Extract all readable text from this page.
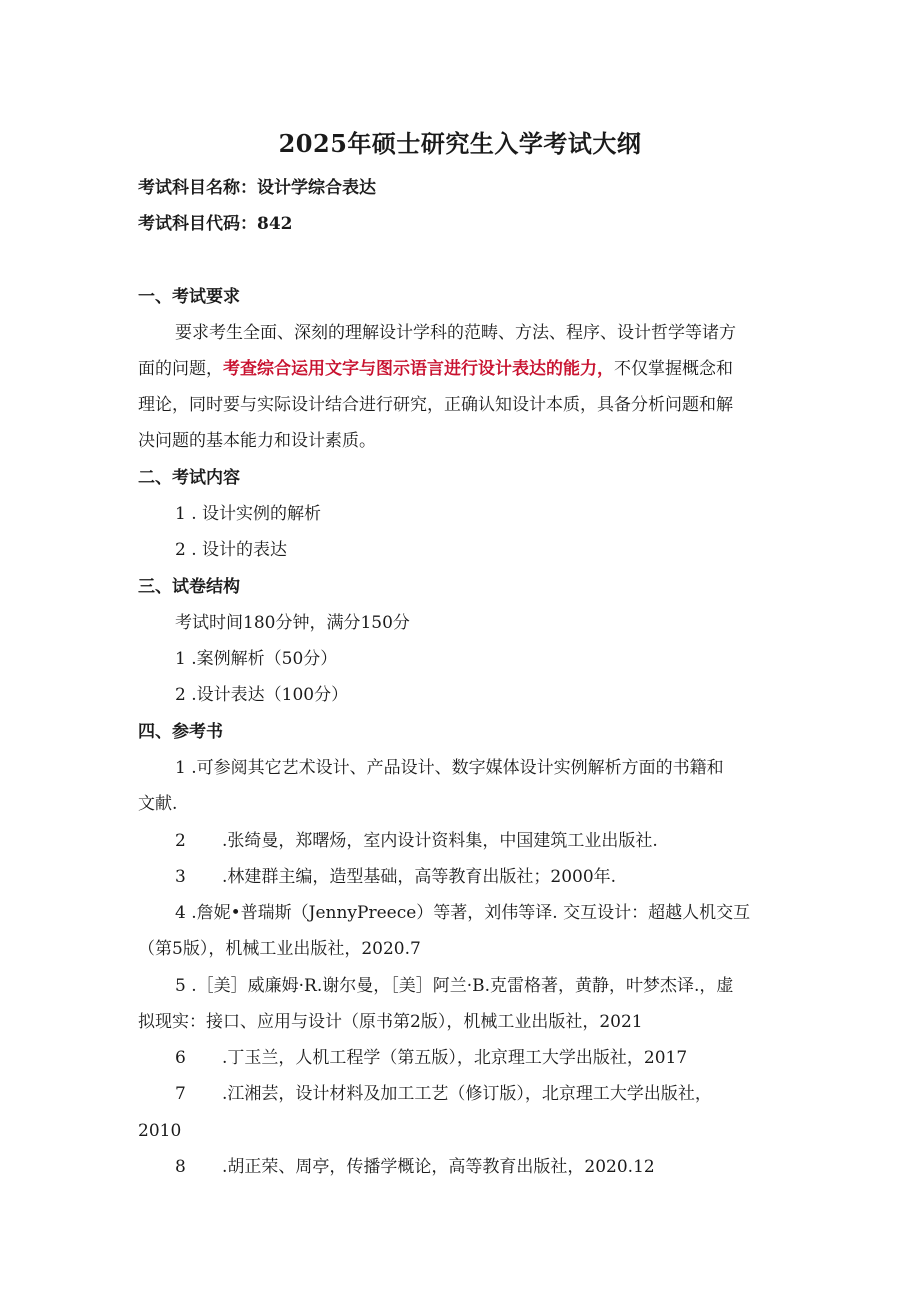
2025年硕士研究生入学考试大纲
考试科目名称：设计学综合表达
考试科目代码：842
一、考试要求
要求考生全面、深刻的理解设计学科的范畴、方法、程序、设计哲学等诸方
面的问题，考查综合运用文字与图示语言进行设计表达的能力，不仅掌握概念和
理论，同时要与实际设计结合进行研究，正确认知设计本质，具备分析问题和解
决问题的基本能力和设计素质。
二、考试内容
1 . 设计实例的解析
2 . 设计的表达
三、试卷结构
考试时间180分钟，满分150分
1 .案例解析（50分）
2 .设计表达（100分）
四、参考书
1 .可参阅其它艺术设计、产品设计、数字媒体设计实例解析方面的书籍和
文献.
2 .张绮曼，郑曙炀，室内设计资料集，中国建筑工业出版社.
3 .林建群主编，造型基础，高等教育出版社；2000年.
4 .詹妮•普瑞斯（JennyPreece）等著，刘伟等译. 交互设计：超越人机交互
（第5版），机械工业出版社，2020.7
5 .［美］威廉姆·R.谢尔曼，［美］阿兰·B.克雷格著，黄静，叶梦杰译.，虚
拟现实：接口、应用与设计（原书第2版），机械工业出版社，2021
6 .丁玉兰，人机工程学（第五版），北京理工大学出版社，2017
7 .江湘芸，设计材料及加工工艺（修订版），北京理工大学出版社，
2010
8 .胡正荣、周亭，传播学概论，高等教育出版社，2020.12
